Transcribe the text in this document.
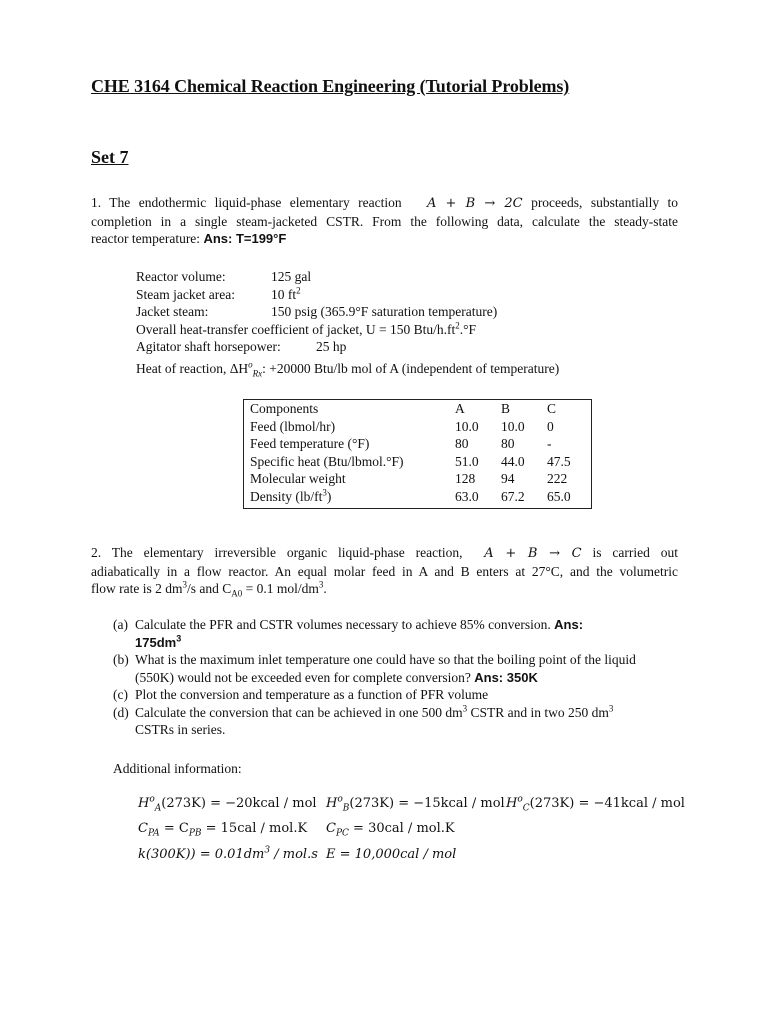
CHE 3164 Chemical Reaction Engineering (Tutorial Problems)
Set 7
1. The endothermic liquid-phase elementary reaction A + B → 2C proceeds, substantially to
completion in a single steam-jacketed CSTR. From the following data, calculate the steady-state
reactor temperature: Ans: T=199°F
Reactor volume:	125 gal
Steam jacket area:	10 $ft^2$
Jacket steam:	150 psig (365.9°F saturation temperature)
Overall heat-transfer coefficient of jacket, U = 150 Btu/$h.ft^2.^\circ F$
Agitator shaft horsepower:	25 hp
Heat of reaction, $\Delta H^o_{Rx}$: +20000 Btu/lb mol of A (independent of temperature)
Components	A	B	C
Feed (lbmol/hr)	10.0	10.0	0
Feed temperature (°F)	80	80	-
Specific heat (Btu/lbmol.°F)	51.0	44.0	47.5
Molecular weight	128	94	222
Density $(lb/ft^3)$	63.0	67.2	65.0
2. The elementary irreversible organic liquid-phase reaction, A + B → C is carried out
adiabatically in a flow reactor. An equal molar feed in A and B enters at 27°C, and the volumetric
flow rate is 2 $dm^3/s$ and $C_{A0} = 0.1$ mol/$dm^3$.
(a) Calculate the PFR and CSTR volumes necessary to achieve 85% conversion. Ans:
$175dm^3$
(b) What is the maximum inlet temperature one could have so that the boiling point of the liquid (550K) would not be exceeded even for complete conversion? Ans: 350K
(c) Plot the conversion and temperature as a function of PFR volume
(d) Calculate the conversion that can be achieved in one 500 $dm^3$ CSTR and in two 250 $dm^3$
CSTRs in series.
Additional information:
$H^o_A(273K)$ = −20kcal / mol $H^o_B(273K)$ = −15kcal / mol $H^o_C(273K)$ = −41kcal / mol
$C_{PA} = C_{PB} = 15cal / mol.K$ $C_{PC} = 30cal / mol.K$
$k(300K)) = 0.01dm^3 / mol.s$ E = 10,000cal / mol
